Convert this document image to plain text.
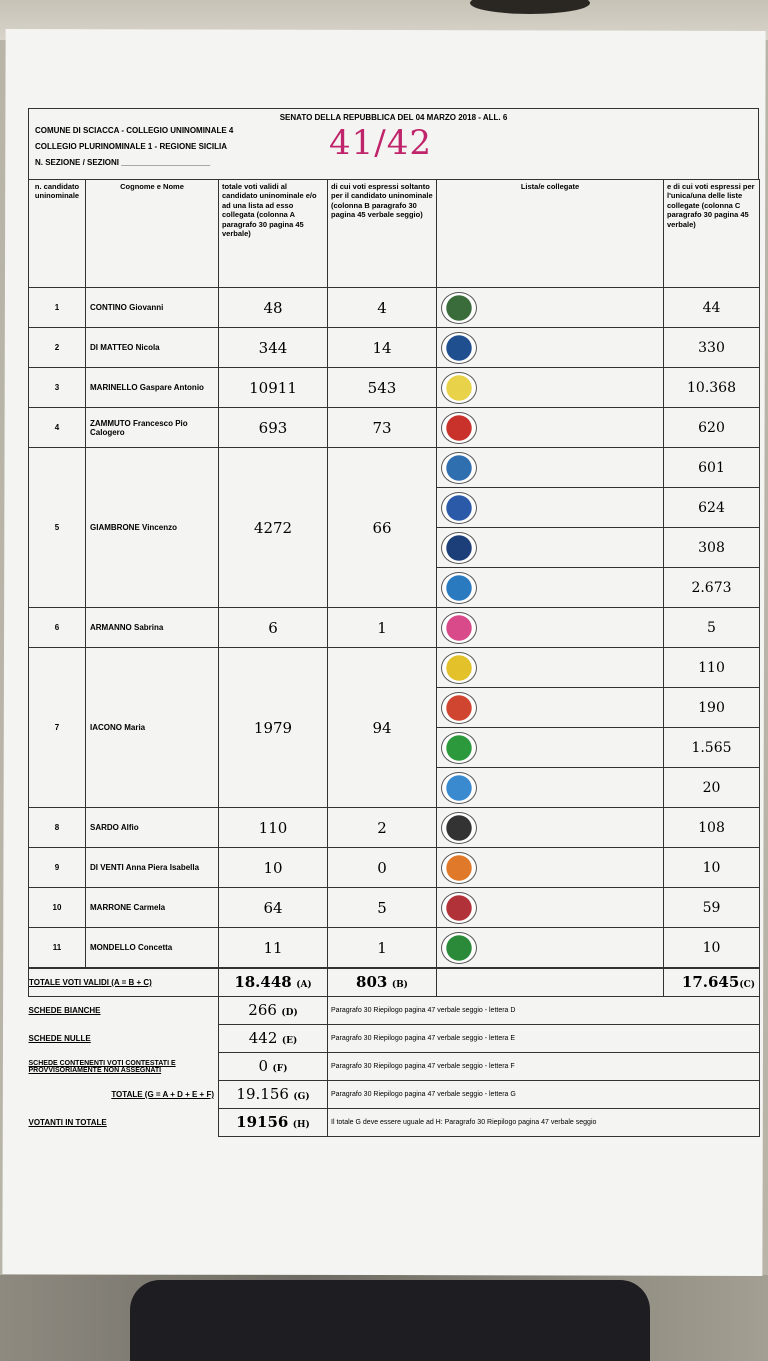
SENATO DELLA REPUBBLICA DEL 04 MARZO 2018 - ALL. 6
COMUNE DI SCIACCA - COLLEGIO UNINOMINALE 4
COLLEGIO PLURINOMINALE 1 - REGIONE SICILIA
N. SEZIONE / SEZIONI ____________________	41/42
n. candidato uninominale	Cognome e Nome	totale voti validi al candidato uninominale e/o ad una lista ad esso collegata (colonna A paragrafo 30 pagina 45 verbale)	di cui voti espressi soltanto per il candidato uninominale (colonna B paragrafo 30 pagina 45 verbale seggio)	Lista/e collegate	e di cui voti espressi per l'unica/una delle liste collegate (colonna C paragrafo 30 pagina 45 verbale)
1	CONTINO Giovanni	48	4		44
2	DI MATTEO Nicola	344	14		330
3	MARINELLO Gaspare Antonio	10911	543		10.368
4	ZAMMUTO Francesco Pio Calogero	693	73		620
5	GIAMBRONE Vincenzo	4272	66		601
					624
					308
					2.673
6	ARMANNO Sabrina	6	1		5
7	IACONO Maria	1979	94		110
					190
					1.565
					20
8	SARDO Alfio	110	2		108
9	DI VENTI Anna Piera Isabella	10	0		10
10	MARRONE Carmela	64	5		59
11	MONDELLO Concetta	11	1		10
TOTALE VOTI VALIDI (A = B + C)	18.448 (A)	803 (B)		17.645(C)
SCHEDE BIANCHE	266 (D)	Paragrafo 30 Riepilogo pagina 47 verbale seggio - lettera D		
SCHEDE NULLE	442 (E)	Paragrafo 30 Riepilogo pagina 47 verbale seggio - lettera E		
SCHEDE CONTENENTI VOTI CONTESTATI E PROVVISORIAMENTE NON ASSEGNATI	0 (F)	Paragrafo 30 Riepilogo pagina 47 verbale seggio - lettera F		
TOTALE (G = A + D + E + F)	19.156 (G)	Paragrafo 30 Riepilogo pagina 47 verbale seggio - lettera G		
VOTANTI IN TOTALE	19156 (H)	Il totale G deve essere uguale ad H: Paragrafo 30 Riepilogo pagina 47 verbale seggio		
